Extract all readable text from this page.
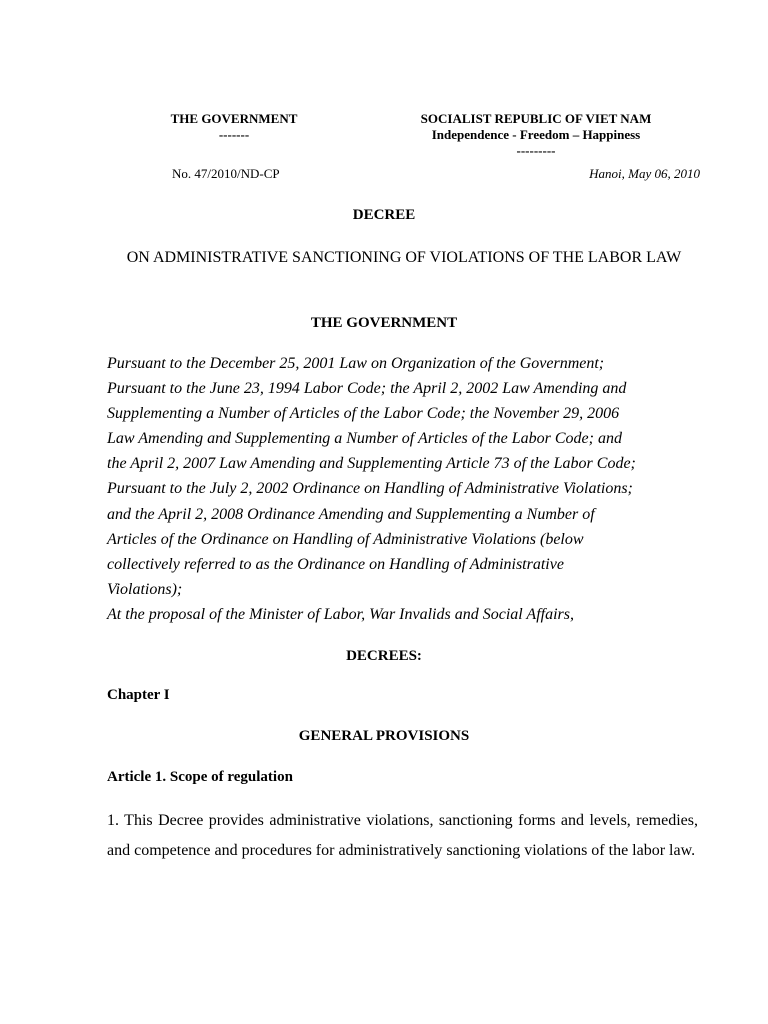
THE GOVERNMENT
-------
SOCIALIST REPUBLIC OF VIET NAM
Independence - Freedom – Happiness
---------
No. 47/2010/ND-CP	Hanoi, May 06, 2010
DECREE
ON ADMINISTRATIVE SANCTIONING OF VIOLATIONS OF THE LABOR LAW
THE GOVERNMENT
Pursuant to the December 25, 2001 Law on Organization of the Government;
Pursuant to the June 23, 1994 Labor Code; the April 2, 2002 Law Amending and
Supplementing a Number of Articles of the Labor Code; the November 29, 2006
Law Amending and Supplementing a Number of Articles of the Labor Code; and
the April 2, 2007 Law Amending and Supplementing Article 73 of the Labor Code;
Pursuant to the July 2, 2002 Ordinance on Handling of Administrative Violations;
and the April 2, 2008 Ordinance Amending and Supplementing a Number of
Articles of the Ordinance on Handling of Administrative Violations (below
collectively referred to as the Ordinance on Handling of Administrative
Violations);
At the proposal of the Minister of Labor, War Invalids and Social Affairs,
DECREES:
Chapter I
GENERAL PROVISIONS
Article 1. Scope of regulation
1. This Decree provides administrative violations, sanctioning forms and levels, remedies, and competence and procedures for administratively sanctioning violations of the labor law.
